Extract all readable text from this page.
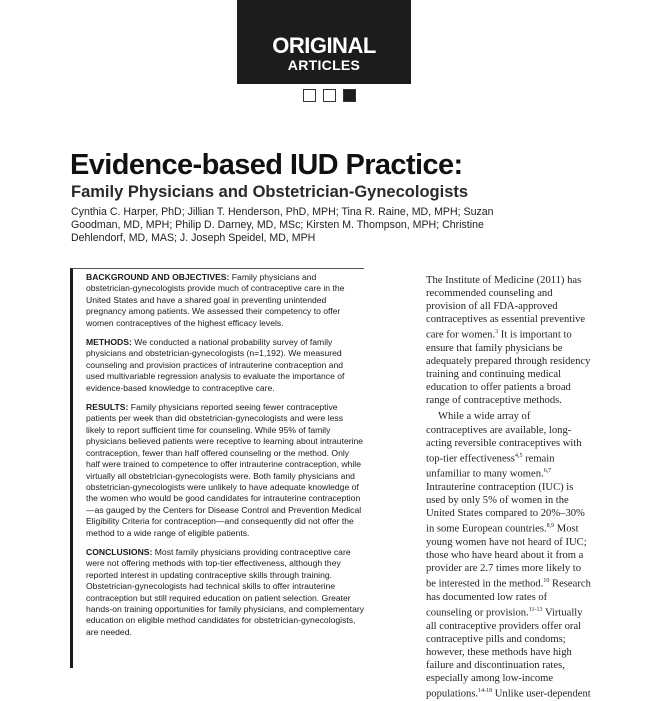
ORIGINAL
ARTICLES
Evidence-based IUD Practice:
Family Physicians and Obstetrician-Gynecologists
Cynthia C. Harper, PhD; Jillian T. Henderson, PhD, MPH; Tina R. Raine, MD, MPH; Suzan Goodman, MD, MPH; Philip D. Darney, MD, MSc; Kirsten M. Thompson, MPH; Christine Dehlendorf, MD, MAS; J. Joseph Speidel, MD, MPH
BACKGROUND AND OBJECTIVES: Family physicians and obstetrician-gynecologists provide much of contraceptive care in the United States and have a shared goal in preventing unintended pregnancy among patients. We assessed their competency to offer women contraceptives of the highest efficacy levels.
METHODS: We conducted a national probability survey of family physicians and obstetrician-gynecologists (n=1,192). We measured counseling and provision practices of intrauterine contraception and used multivariable regression analysis to evaluate the importance of evidence-based knowledge to contraceptive care.
RESULTS: Family physicians reported seeing fewer contraceptive patients per week than did obstetrician-gynecologists and were less likely to report sufficient time for counseling. While 95% of family physicians believed patients were receptive to learning about intrauterine contraception, fewer than half offered counseling or the method. Only half were trained to competence to offer intrauterine contraception, while virtually all obstetrician-gynecologists were. Both family physicians and obstetrician-gynecologists were unlikely to have adequate knowledge of the women who would be good candidates for intrauterine contraception—as gauged by the Centers for Disease Control and Prevention Medical Eligibility Criteria for contraception—and consequently did not offer the method to a wide range of eligible patients.
CONCLUSIONS: Most family physicians providing contraceptive care were not offering methods with top-tier effectiveness, although they reported interest in updating contraceptive skills through training. Obstetrician-gynecologists had technical skills to offer intrauterine contraception but still required education on patient selection. Greater hands-on training opportunities for family physicians, and complementary education on eligible method candidates for obstetrician-gynecologists, are needed.

The Institute of Medicine (2011) has recommended counseling and provision of all FDA-approved contraceptives as essential preventive care for women.$^3$ It is important to ensure that family physicians be adequately prepared through residency training and continuing medical education to offer patients a broad range of contraceptive methods.

While a wide array of contraceptives are available, long-acting reversible contraceptives with top-tier effectiveness$^{4,5}$ remain unfamiliar to many women.$^{6,7}$ Intrauterine contraception (IUC) is used by only 5% of women in the United States compared to 20%–30% in some European countries.$^{8,9}$ Most young women have not heard of IUC; those who have heard about it from a provider are 2.7 times more likely to be interested in the method.$^{10}$ Research has documented low rates of counseling or provision.$^{11-13}$ Virtually all contraceptive providers offer oral contraceptive pills and condoms; however, these methods have high failure and discontinuation rates, especially among low-income populations.$^{14-18}$ Unlike user-dependent
